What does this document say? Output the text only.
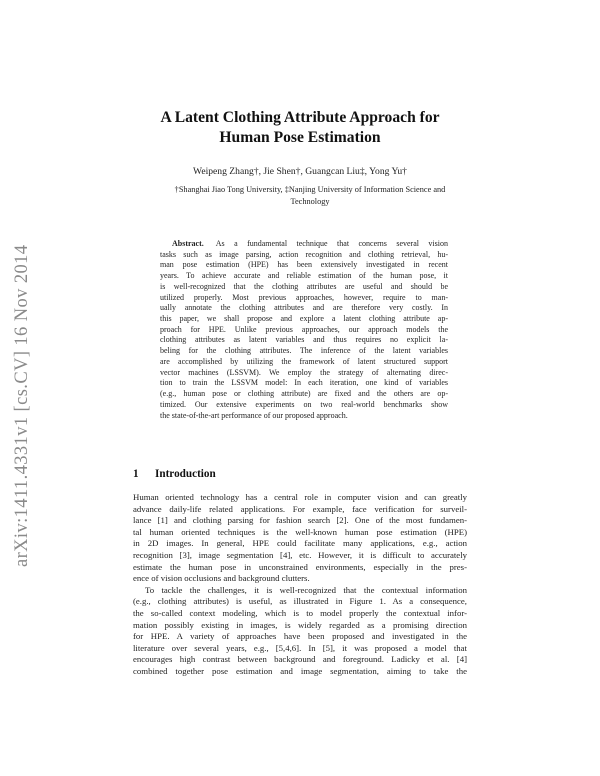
arXiv:1411.4331v1 [cs.CV] 16 Nov 2014
A Latent Clothing Attribute Approach for
Human Pose Estimation
Weipeng Zhang†, Jie Shen†, Guangcan Liu‡, Yong Yu†
†Shanghai Jiao Tong University, ‡Nanjing University of Information Science and
Technology
Abstract. As a fundamental technique that concerns several vision
tasks such as image parsing, action recognition and clothing retrieval, hu-
man pose estimation (HPE) has been extensively investigated in recent
years. To achieve accurate and reliable estimation of the human pose, it
is well-recognized that the clothing attributes are useful and should be
utilized properly. Most previous approaches, however, require to man-
ually annotate the clothing attributes and are therefore very costly. In
this paper, we shall propose and explore a latent clothing attribute ap-
proach for HPE. Unlike previous approaches, our approach models the
clothing attributes as latent variables and thus requires no explicit la-
beling for the clothing attributes. The inference of the latent variables
are accomplished by utilizing the framework of latent structured support
vector machines (LSSVM). We employ the strategy of alternating direc-
tion to train the LSSVM model: In each iteration, one kind of variables
(e.g., human pose or clothing attribute) are fixed and the others are op-
timized. Our extensive experiments on two real-world benchmarks show
the state-of-the-art performance of our proposed approach.
1 Introduction
Human oriented technology has a central role in computer vision and can greatly
advance daily-life related applications. For example, face verification for surveil-
lance [1] and clothing parsing for fashion search [2]. One of the most fundamen-
tal human oriented techniques is the well-known human pose estimation (HPE)
in 2D images. In general, HPE could facilitate many applications, e.g., action
recognition [3], image segmentation [4], etc. However, it is difficult to accurately
estimate the human pose in unconstrained environments, especially in the pres-
ence of vision occlusions and background clutters.
To tackle the challenges, it is well-recognized that the contextual information
(e.g., clothing attributes) is useful, as illustrated in Figure 1. As a consequence,
the so-called context modeling, which is to model properly the contextual infor-
mation possibly existing in images, is widely regarded as a promising direction
for HPE. A variety of approaches have been proposed and investigated in the
literature over several years, e.g., [5,4,6]. In [5], it was proposed a model that
encourages high contrast between background and foreground. Ladicky et al. [4]
combined together pose estimation and image segmentation, aiming to take the
